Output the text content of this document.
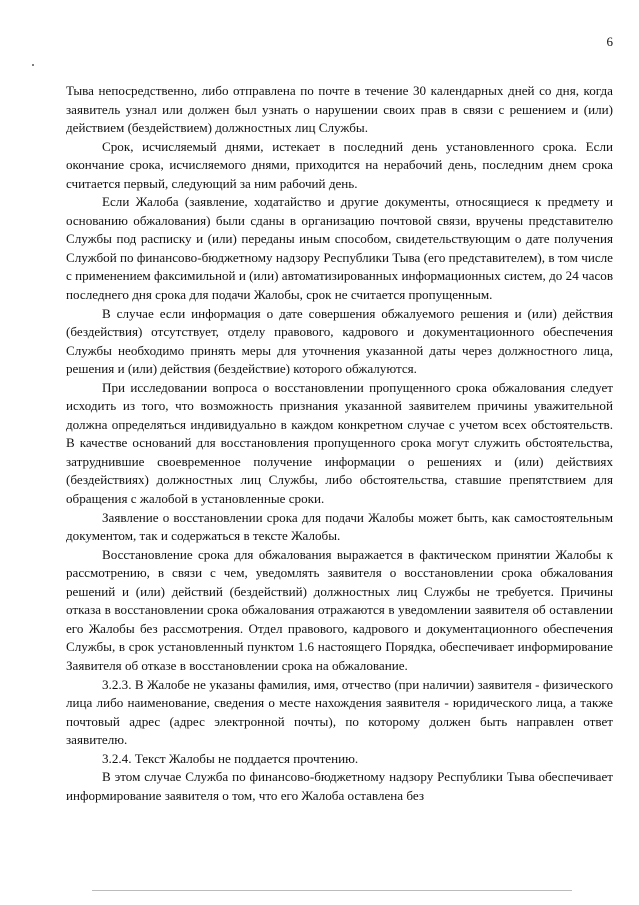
6

Тыва непосредственно, либо отправлена по почте в течение 30 календарных дней со дня, когда заявитель узнал или должен был узнать о нарушении своих прав в связи с решением и (или) действием (бездействием) должностных лиц Службы.

Срок, исчисляемый днями, истекает в последний день установленного срока. Если окончание срока, исчисляемого днями, приходится на нерабочий день, последним днем срока считается первый, следующий за ним рабочий день.

Если Жалоба (заявление, ходатайство и другие документы, относящиеся к предмету и основанию обжалования) были сданы в организацию почтовой связи, вручены представителю Службы под расписку и (или) переданы иным способом, свидетельствующим о дате получения Службой по финансово-бюджетному надзору Республики Тыва (его представителем), в том числе с применением факсимильной и (или) автоматизированных информационных систем, до 24 часов последнего дня срока для подачи Жалобы, срок не считается пропущенным.

В случае если информация о дате совершения обжалуемого решения и (или) действия (бездействия) отсутствует, отделу правового, кадрового и документационного обеспечения Службы необходимо принять меры для уточнения указанной даты через должностного лица, решения и (или) действия (бездействие) которого обжалуются.

При исследовании вопроса о восстановлении пропущенного срока обжалования следует исходить из того, что возможность признания указанной заявителем причины уважительной должна определяться индивидуально в каждом конкретном случае с учетом всех обстоятельств. В качестве оснований для восстановления пропущенного срока могут служить обстоятельства, затруднившие своевременное получение информации о решениях и (или) действиях (бездействиях) должностных лиц Службы, либо обстоятельства, ставшие препятствием для обращения с жалобой в установленные сроки.

Заявление о восстановлении срока для подачи Жалобы может быть, как самостоятельным документом, так и содержаться в тексте Жалобы.

Восстановление срока для обжалования выражается в фактическом принятии Жалобы к рассмотрению, в связи с чем, уведомлять заявителя о восстановлении срока обжалования решений и (или) действий (бездействий) должностных лиц Службы не требуется. Причины отказа в восстановлении срока обжалования отражаются в уведомлении заявителя об оставлении его Жалобы без рассмотрения. Отдел правового, кадрового и документационного обеспечения Службы, в срок установленный пунктом 1.6 настоящего Порядка, обеспечивает информирование Заявителя об отказе в восстановлении срока на обжалование.

3.2.3. В Жалобе не указаны фамилия, имя, отчество (при наличии) заявителя - физического лица либо наименование, сведения о месте нахождения заявителя - юридического лица, а также почтовый адрес (адрес электронной почты), по которому должен быть направлен ответ заявителю.

3.2.4. Текст Жалобы не поддается прочтению.

В этом случае Служба по финансово-бюджетному надзору Республики Тыва обеспечивает информирование заявителя о том, что его Жалоба оставлена без
